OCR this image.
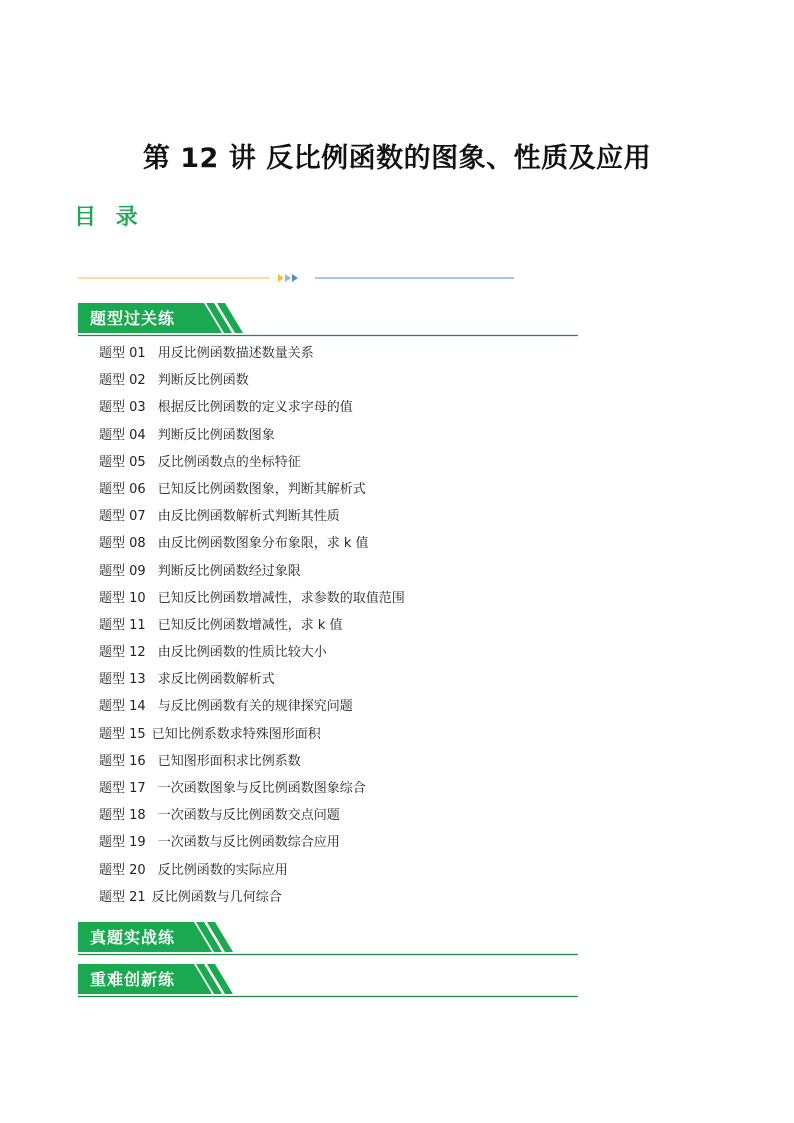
第 12 讲 反比例函数的图象、性质及应用
目 录
题型过关练
题型 01 用反比例函数描述数量关系
题型 02 判断反比例函数
题型 03 根据反比例函数的定义求字母的值
题型 04 判断反比例函数图象
题型 05 反比例函数点的坐标特征
题型 06 已知反比例函数图象，判断其解析式
题型 07 由反比例函数解析式判断其性质
题型 08 由反比例函数图象分布象限，求 k 值
题型 09 判断反比例函数经过象限
题型 10 已知反比例函数增减性，求参数的取值范围
题型 11 已知反比例函数增减性，求 k 值
题型 12 由反比例函数的性质比较大小
题型 13 求反比例函数解析式
题型 14 与反比例函数有关的规律探究问题
题型 15 已知比例系数求特殊图形面积
题型 16 已知图形面积求比例系数
题型 17 一次函数图象与反比例函数图象综合
题型 18 一次函数与反比例函数交点问题
题型 19 一次函数与反比例函数综合应用
题型 20 反比例函数的实际应用
题型 21 反比例函数与几何综合
真题实战练
重难创新练
